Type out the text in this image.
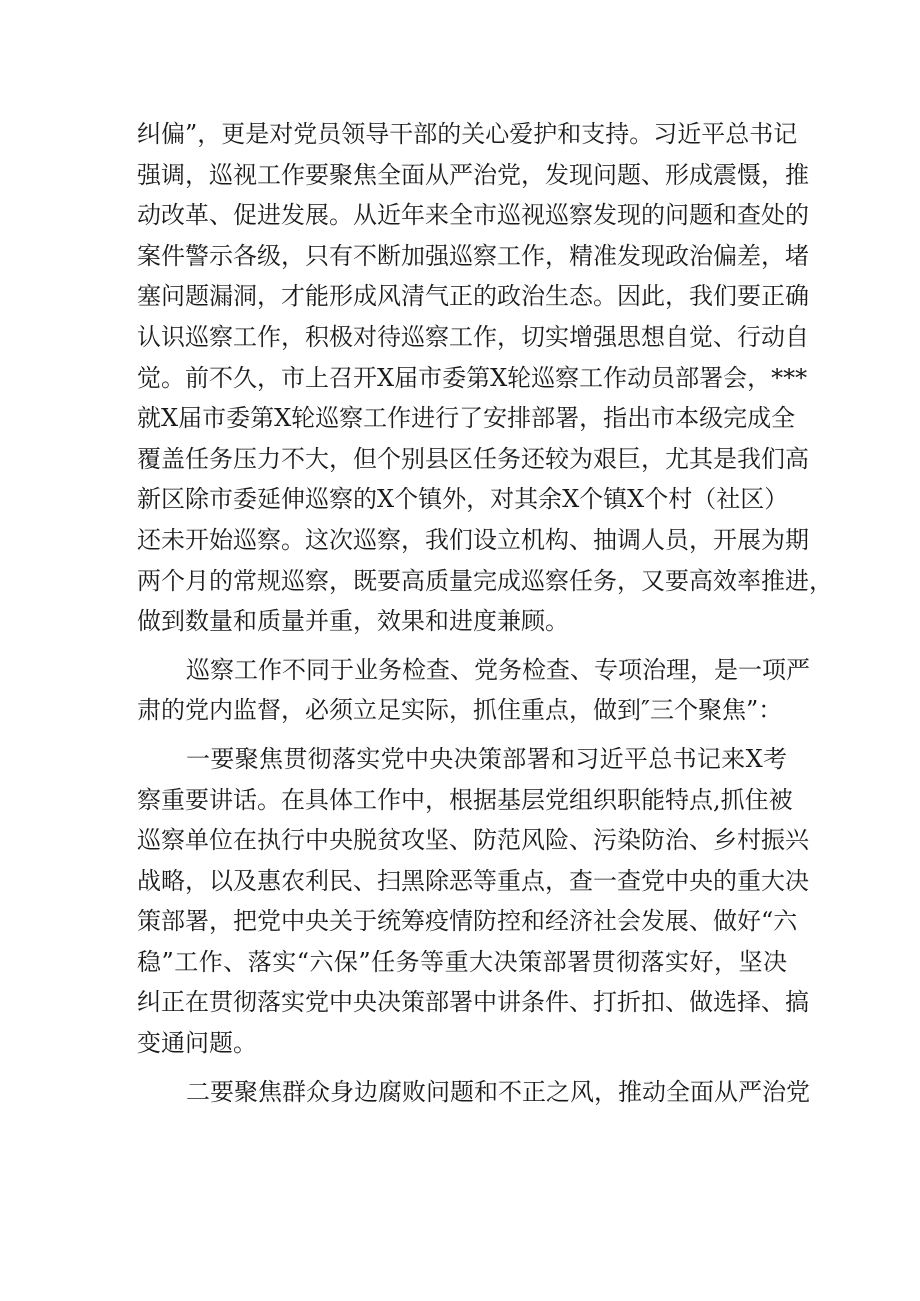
纠偏”，更是对党员领导干部的关心爱护和支持。习近平总书记
强调，巡视工作要聚焦全面从严治党，发现问题、形成震慑，推
动改革、促进发展。从近年来全市巡视巡察发现的问题和查处的
案件警示各级，只有不断加强巡察工作，精准发现政治偏差，堵
塞问题漏洞，才能形成风清气正的政治生态。因此，我们要正确
认识巡察工作，积极对待巡察工作，切实增强思想自觉、行动自
觉。前不久，市上召开X届市委第X轮巡察工作动员部署会，***
就X届市委第X轮巡察工作进行了安排部署，指出市本级完成全
覆盖任务压力不大，但个别县区任务还较为艰巨，尤其是我们高
新区除市委延伸巡察的X个镇外，对其余X个镇X个村（社区）
还未开始巡察。这次巡察，我们设立机构、抽调人员，开展为期
两个月的常规巡察，既要高质量完成巡察任务，又要高效率推进，
做到数量和质量并重，效果和进度兼顾。
巡察工作不同于业务检查、党务检查、专项治理，是一项严
肃的党内监督，必须立足实际，抓住重点，做到″三个聚焦”：
一要聚焦贯彻落实党中央决策部署和习近平总书记来X考
察重要讲话。在具体工作中，根据基层党组织职能特点,抓住被
巡察单位在执行中央脱贫攻坚、防范风险、污染防治、乡村振兴
战略，以及惠农利民、扫黑除恶等重点，查一查党中央的重大决
策部署，把党中央关于统筹疫情防控和经济社会发展、做好“六
稳”工作、落实“六保”任务等重大决策部署贯彻落实好，坚决
纠正在贯彻落实党中央决策部署中讲条件、打折扣、做选择、搞
变通问题。
二要聚焦群众身边腐败问题和不正之风，推动全面从严治党
